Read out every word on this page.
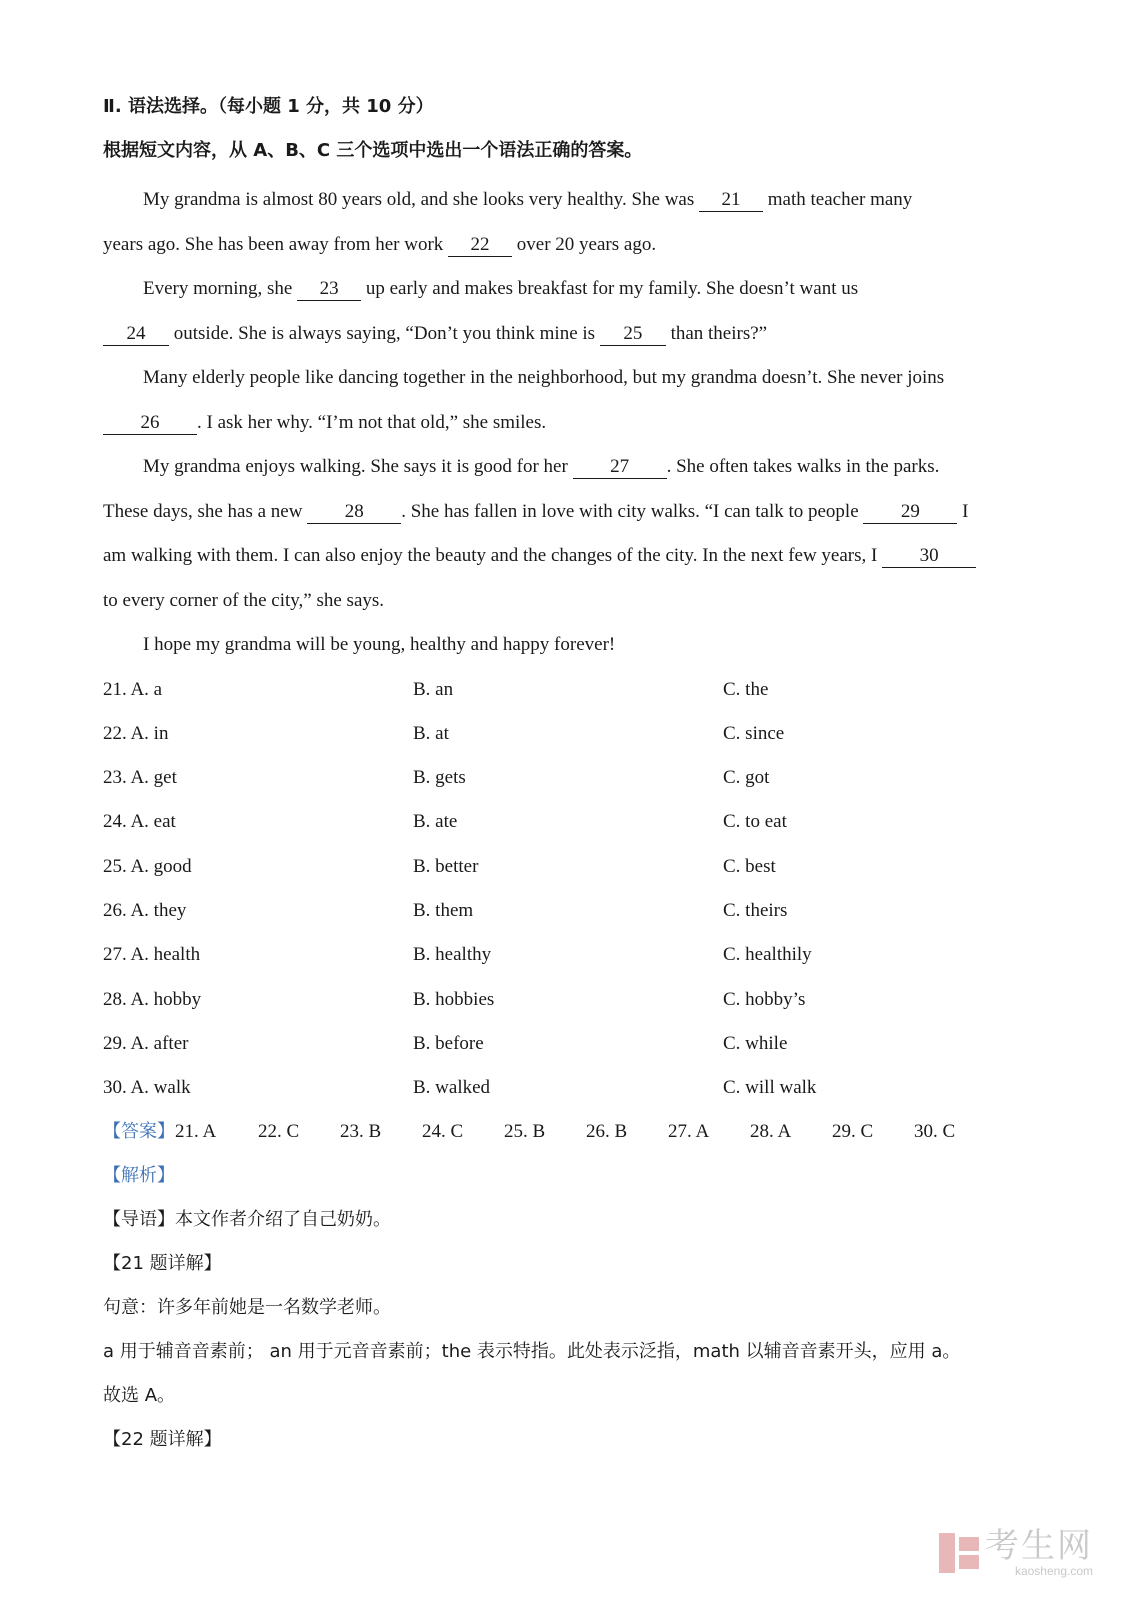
Ⅱ. 语法选择。（每小题 1 分，共 10 分）

根据短文内容，从 A、B、C 三个选项中选出一个语法正确的答案。

My grandma is almost 80 years old, and she looks very healthy. She was 21 math teacher many
years ago. She has been away from her work 22 over 20 years ago.
Every morning, she 23 up early and makes breakfast for my family. She doesn’t want us
24 outside. She is always saying, “Don’t you think mine is 25 than theirs?”
Many elderly people like dancing together in the neighborhood, but my grandma doesn’t. She never joins
26 . I ask her why. “I’m not that old,” she smiles.
My grandma enjoys walking. She says it is good for her 27 . She often takes walks in the parks.
These days, she has a new 28 . She has fallen in love with city walks. “I can talk to people 29 I
am walking with them. I can also enjoy the beauty and the changes of the city. In the next few years, I 30
to every corner of the city,” she says.
I hope my grandma will be young, healthy and happy forever!
21. A. a	B. an	C. the
22. A. in	B. at	C. since
23. A. get	B. gets	C. got
24. A. eat	B. ate	C. to eat
25. A. good	B. better	C. best
26. A. they	B. them	C. theirs
27. A. health	B. healthy	C. healthily
28. A. hobby	B. hobbies	C. hobby’s
29. A. after	B. before	C. while
30. A. walk	B. walked	C. will walk
【答案】21. A 22. C 23. B 24. C 25. B 26. B 27. A 28. A 29. C 30. C
【解析】
【导语】本文作者介绍了自己奶奶。
【21 题详解】
句意：许多年前她是一名数学老师。
a 用于辅音音素前； an 用于元音音素前；the 表示特指。此处表示泛指，math 以辅音音素开头，应用 a。
故选 A。
【22 题详解】
考生网
kaosheng.com
